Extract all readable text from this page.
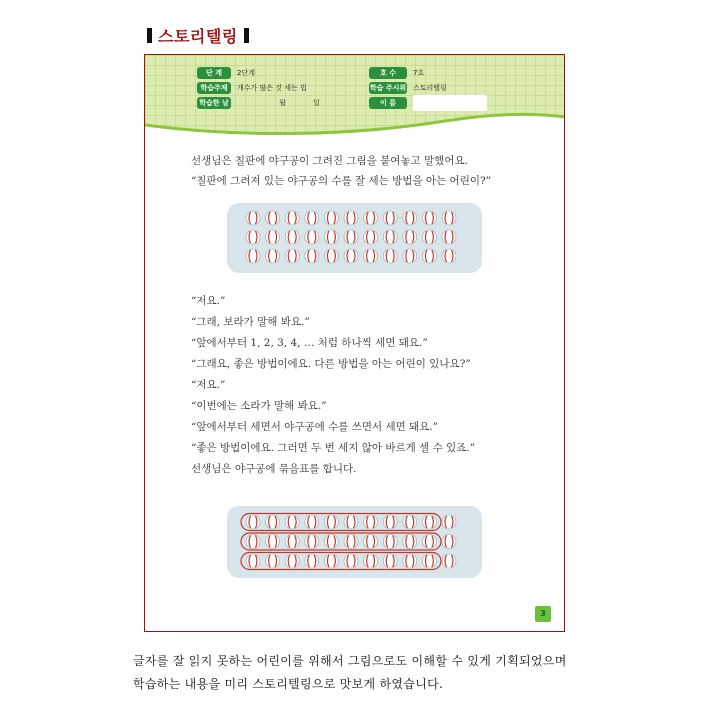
스토리텔링
단 계	2단계
학습주제	개수가 많은 것 세는 법
학습한 날	월	일
호 수	7호
학습 주시위 스토리텔링
이 름
선생님은 칠판에 야구공이 그려진 그림을 붙여놓고 말했어요.
“칠판에 그려져 있는 야구공의 수를 잘 세는 방법을 아는 어린이?”
“저요.”
“그래, 보라가 말해 봐요.”
“앞에서부터 1, 2, 3, 4, … 처럼 하나씩 세면 돼요.”
“그래요, 좋은 방법이에요. 다른 방법을 아는 어린이 있나요?”
“저요.”
“이번에는 소라가 말해 봐요.”
“앞에서부터 세면서 야구공에 수를 쓰면서 세면 돼요.”
“좋은 방법이에요. 그러면 두 번 세지 않아 바르게 셀 수 있죠.”
선생님은 야구공에 묶음표를 합니다.
3
글자를 잘 읽지 못하는 어린이를 위해서 그림으로도 이해할 수 있게 기획되었으며
학습하는 내용을 미리 스토리텔링으로 맛보게 하였습니다.
